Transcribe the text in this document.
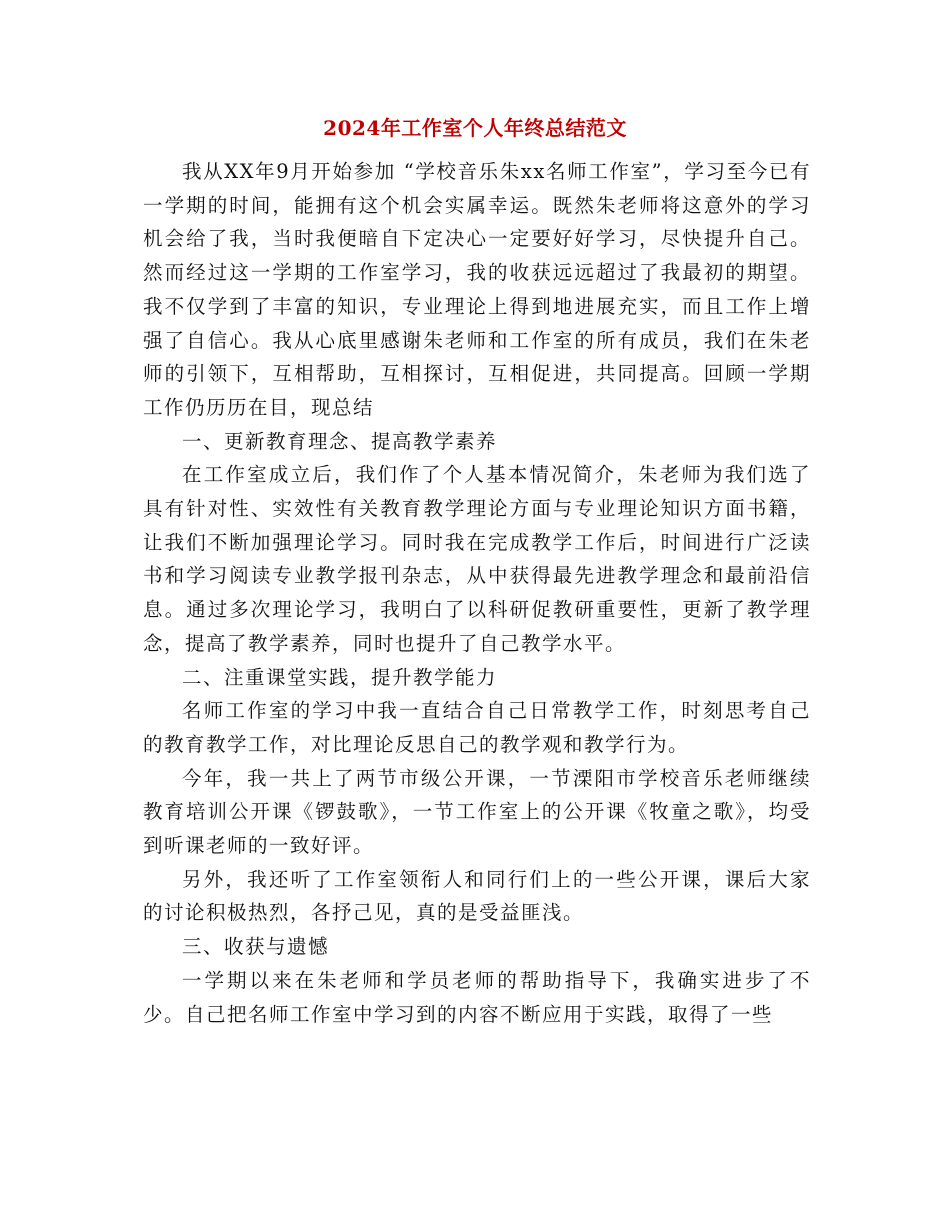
2024年工作室个人年终总结范文

我从XX年9月开始参加 “学校音乐朱xx名师工作室”，学习至今已有一学期的时间，能拥有这个机会实属幸运。既然朱老师将这意外的学习机会给了我，当时我便暗自下定决心一定要好好学习，尽快提升自己。然而经过这一学期的工作室学习，我的收获远远超过了我最初的期望。我不仅学到了丰富的知识，专业理论上得到地进展充实，而且工作上增强了自信心。我从心底里感谢朱老师和工作室的所有成员，我们在朱老师的引领下，互相帮助，互相探讨，互相促进，共同提高。回顾一学期工作仍历历在目，现总结

一、更新教育理念、提高教学素养

在工作室成立后，我们作了个人基本情况简介，朱老师为我们选了具有针对性、实效性有关教育教学理论方面与专业理论知识方面书籍，让我们不断加强理论学习。同时我在完成教学工作后，时间进行广泛读书和学习阅读专业教学报刊杂志，从中获得最先进教学理念和最前沿信息。通过多次理论学习，我明白了以科研促教研重要性，更新了教学理念，提高了教学素养，同时也提升了自己教学水平。

二、注重课堂实践，提升教学能力

名师工作室的学习中我一直结合自己日常教学工作，时刻思考自己的教育教学工作，对比理论反思自己的教学观和教学行为。

今年，我一共上了两节市级公开课，一节溧阳市学校音乐老师继续教育培训公开课《锣鼓歌》，一节工作室上的公开课《牧童之歌》，均受到听课老师的一致好评。

另外，我还听了工作室领衔人和同行们上的一些公开课，课后大家的讨论积极热烈，各抒己见，真的是受益匪浅。

三、收获与遗憾

一学期以来在朱老师和学员老师的帮助指导下，我确实进步了不少。自己把名师工作室中学习到的内容不断应用于实践，取得了一些
